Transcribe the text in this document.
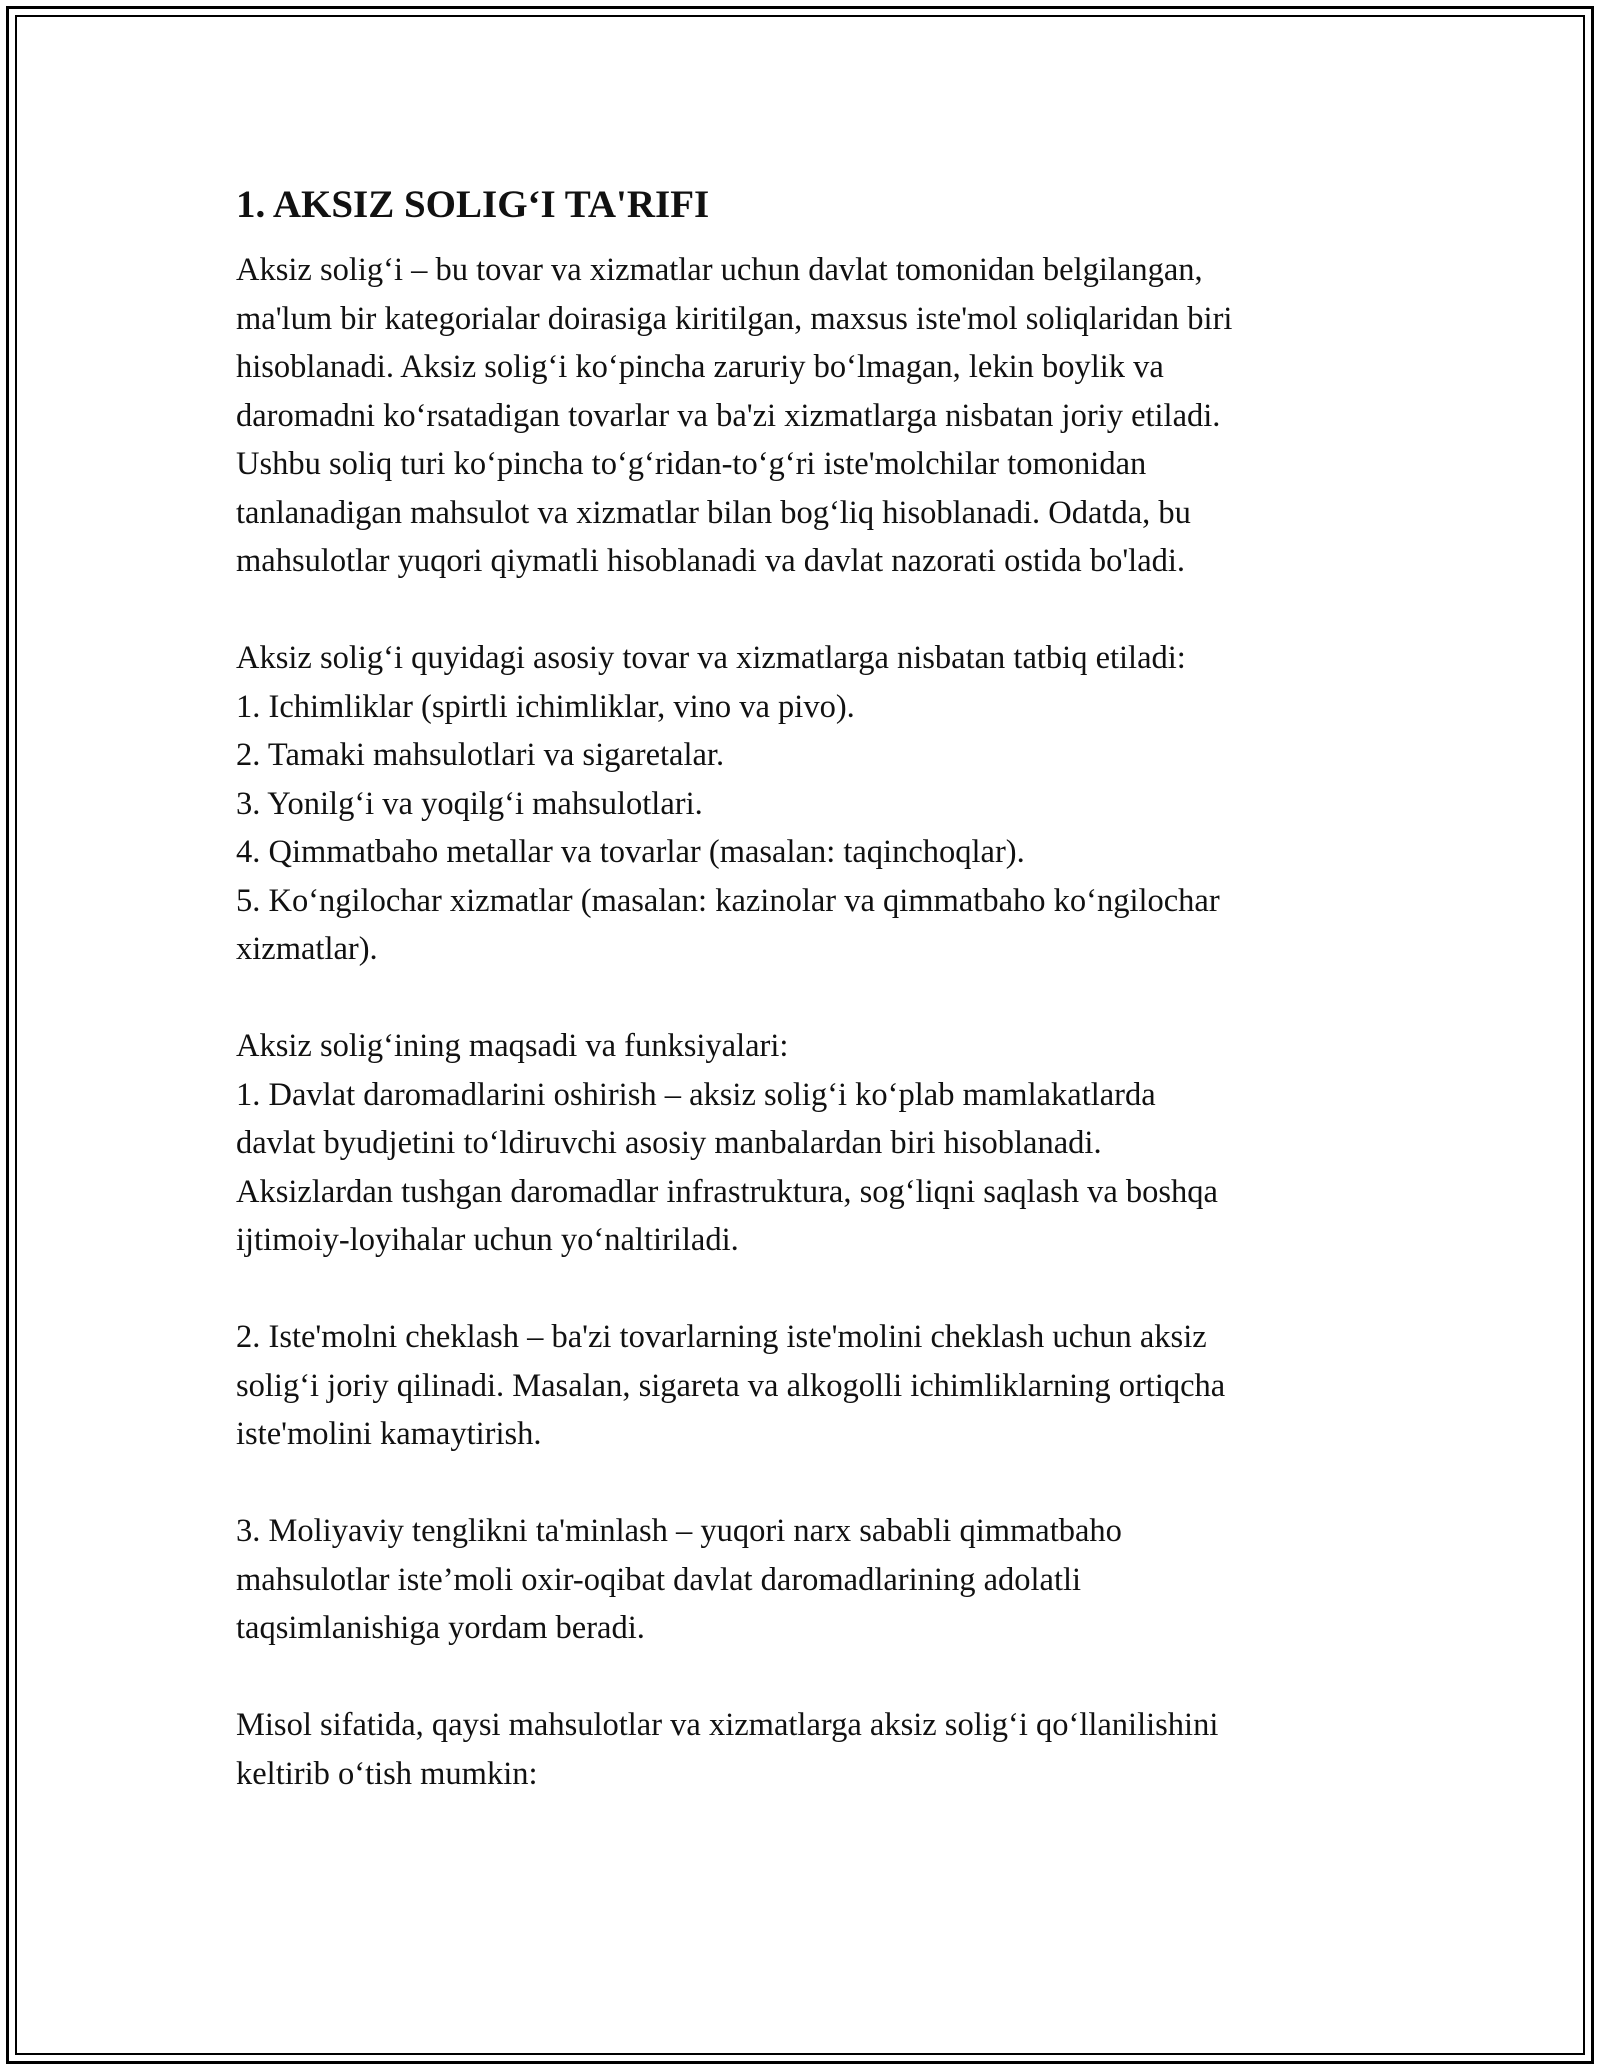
1. AKSIZ SOLIG‘I TA'RIFI
Aksiz solig‘i – bu tovar va xizmatlar uchun davlat tomonidan belgilangan,
ma'lum bir kategorialar doirasiga kiritilgan, maxsus iste'mol soliqlaridan biri
hisoblanadi. Aksiz solig‘i ko‘pincha zaruriy bo‘lmagan, lekin boylik va
daromadni ko‘rsatadigan tovarlar va ba'zi xizmatlarga nisbatan joriy etiladi.
Ushbu soliq turi ko‘pincha to‘g‘ridan-to‘g‘ri iste'molchilar tomonidan
tanlanadigan mahsulot va xizmatlar bilan bog‘liq hisoblanadi. Odatda, bu
mahsulotlar yuqori qiymatli hisoblanadi va davlat nazorati ostida bo'ladi.
Aksiz solig‘i quyidagi asosiy tovar va xizmatlarga nisbatan tatbiq etiladi:
1. Ichimliklar (spirtli ichimliklar, vino va pivo).
2. Tamaki mahsulotlari va sigaretalar.
3. Yonilg‘i va yoqilg‘i mahsulotlari.
4. Qimmatbaho metallar va tovarlar (masalan: taqinchoqlar).
5. Ko‘ngilochar xizmatlar (masalan: kazinolar va qimmatbaho ko‘ngilochar
xizmatlar).
Aksiz solig‘ining maqsadi va funksiyalari:
1. Davlat daromadlarini oshirish – aksiz solig‘i ko‘plab mamlakatlarda
davlat byudjetini to‘ldiruvchi asosiy manbalardan biri hisoblanadi.
Aksizlardan tushgan daromadlar infrastruktura, sog‘liqni saqlash va boshqa
ijtimoiy-loyihalar uchun yo‘naltiriladi.
2. Iste'molni cheklash – ba'zi tovarlarning iste'molini cheklash uchun aksiz
solig‘i joriy qilinadi. Masalan, sigareta va alkogolli ichimliklarning ortiqcha
iste'molini kamaytirish.
3. Moliyaviy tenglikni ta'minlash – yuqori narx sababli qimmatbaho
mahsulotlar iste’moli oxir-oqibat davlat daromadlarining adolatli
taqsimlanishiga yordam beradi.
Misol sifatida, qaysi mahsulotlar va xizmatlarga aksiz solig‘i qo‘llanilishini
keltirib o‘tish mumkin:
